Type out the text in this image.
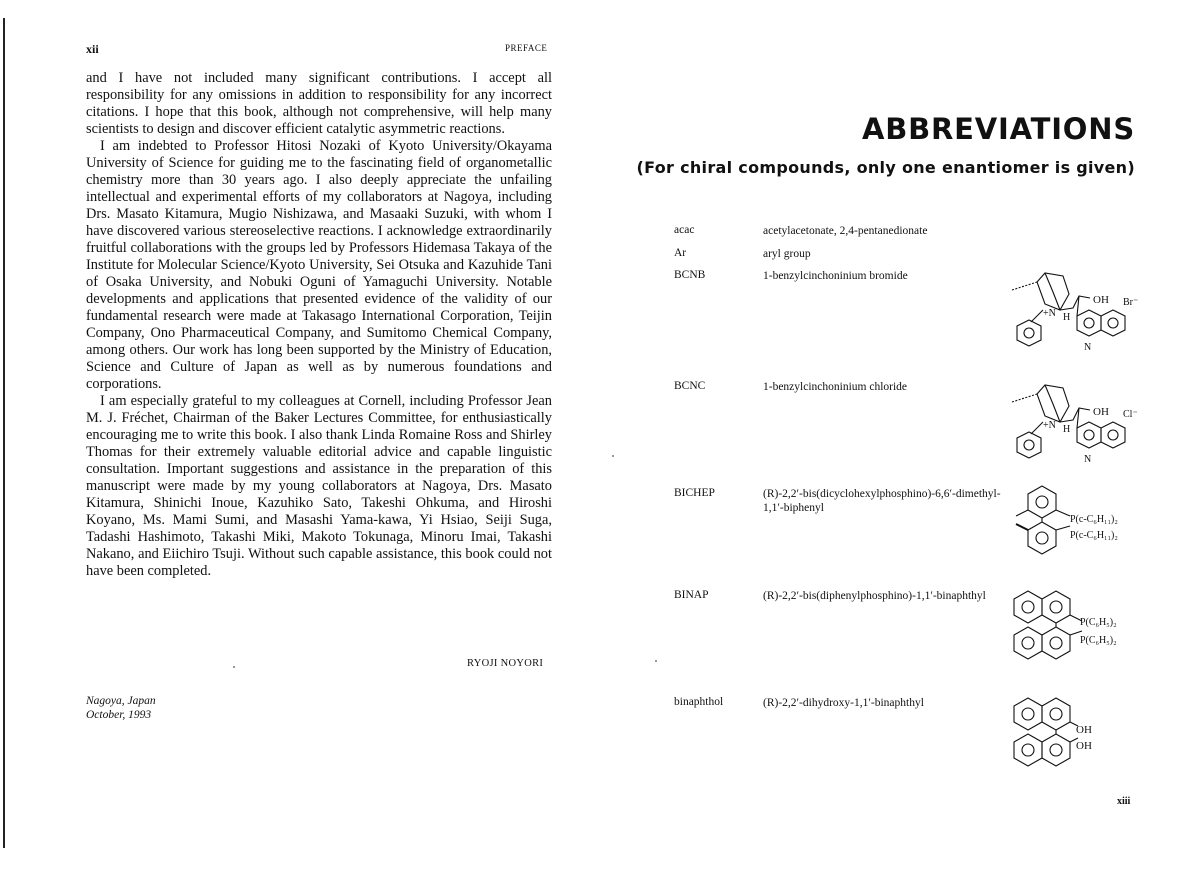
xii	PREFACE

and I have not included many significant contributions. I accept all responsibility for any omissions in addition to responsibility for any incorrect citations. I hope that this book, although not comprehensive, will help many scientists to design and discover efficient catalytic asymmetric reactions.

I am indebted to Professor Hitosi Nozaki of Kyoto University/Okayama University of Science for guiding me to the fascinating field of organometallic chemistry more than 30 years ago. I also deeply appreciate the unfailing intellectual and experimental efforts of my collaborators at Nagoya, including Drs. Masato Kitamura, Mugio Nishizawa, and Masaaki Suzuki, with whom I have discovered various stereoselective reactions. I acknowledge extraordinarily fruitful collaborations with the groups led by Professors Hidemasa Takaya of the Institute for Molecular Science/Kyoto University, Sei Otsuka and Kazuhide Tani of Osaka University, and Nobuki Oguni of Yamaguchi University. Notable developments and applications that presented evidence of the validity of our fundamental research were made at Takasago International Corporation, Teijin Company, Ono Pharmaceutical Company, and Sumitomo Chemical Company, among others. Our work has long been supported by the Ministry of Education, Science and Culture of Japan as well as by numerous foundations and corporations.

I am especially grateful to my colleagues at Cornell, including Professor Jean M. J. Fréchet, Chairman of the Baker Lectures Committee, for enthusiastically encouraging me to write this book. I also thank Linda Romaine Ross and Shirley Thomas for their extremely valuable editorial advice and capable linguistic consultation. Important suggestions and assistance in the preparation of this manuscript were made by my young collaborators at Nagoya, Drs. Masato Kitamura, Shinichi Inoue, Kazuhiko Sato, Takeshi Ohkuma, and Hiroshi Koyano, Ms. Mami Sumi, and Masashi Yama-kawa, Yi Hsiao, Seiji Suga, Tadashi Hashimoto, Takashi Miki, Makoto Tokunaga, Minoru Imai, Takashi Nakano, and Eiichiro Tsuji. Without such capable assistance, this book could not have been completed.

RYOJI NOYORI
Nagoya, Japan
October, 1993
ABBREVIATIONS
(For chiral compounds, only one enantiomer is given)
acac	acetylacetonate, 2,4-pentanedionate
Ar	aryl group
BCNB	1-benzylcinchoninium bromide
+N H
OH Br⁻
N
BCNC	1-benzylcinchoninium chloride
+N H
OH Cl⁻
N
BICHEP	(R)-2,2′-bis(dicyclohexylphosphino)-6,6′-dimethyl-1,1′-biphenyl
P(c-C₆H₁₁)₂
P(c-C₆H₁₁)₂
BINAP	(R)-2,2′-bis(diphenylphosphino)-1,1′-binaphthyl
P(C₆H₅)₂
P(C₆H₅)₂
binaphthol	(R)-2,2′-dihydroxy-1,1′-binaphthyl
OH
OH
xiii
